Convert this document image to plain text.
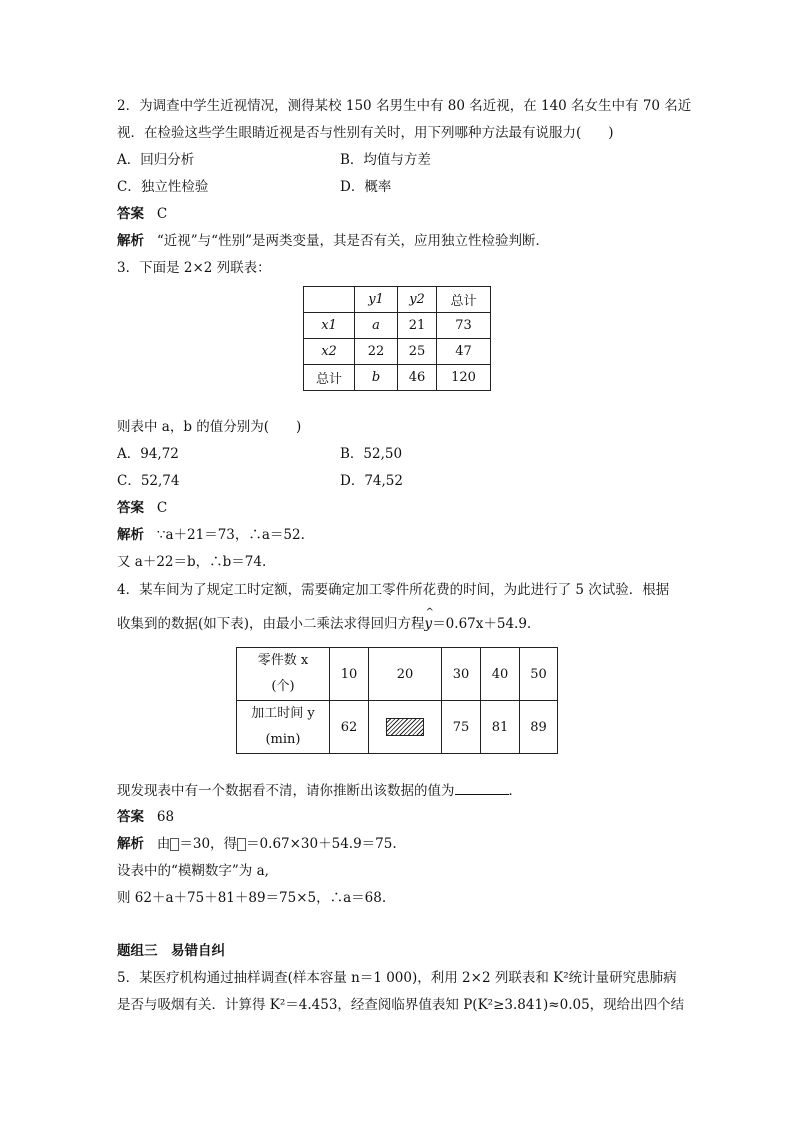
2．为调查中学生近视情况，测得某校 150 名男生中有 80 名近视，在 140 名女生中有 70 名近
视．在检验这些学生眼睛近视是否与性别有关时，用下列哪种方法最有说服力(　　)
A．回归分析	B．均值与方差
C．独立性检验	D．概率
答案 C
解析 “近视”与“性别”是两类变量，其是否有关，应用独立性检验判断．
3．下面是 2×2 列联表：
	y1	y2	总计
x1	a	21	73
x2	22	25	47
总计	b	46	120
则表中 a，b 的值分别为(　　)
A．94,72	B．52,50
C．52,74	D．74,52
答案 C
解析 ∵a＋21＝73，∴a＝52.
又 a＋22＝b，∴b＝74.
4．某车间为了规定工时定额，需要确定加工零件所花费的时间，为此进行了 5 次试验．根据
收集到的数据(如下表)，由最小二乘法求得回归方程^ y＝0.67x＋54.9.
零件数 x
(个)	10	20	30	40	50
加工时间 y
(min)	62		75	81	89
现发现表中有一个数据看不清，请你推断出该数据的值为	．
答案 68
解析 由 ＝30，得 ＝0.67×30＋54.9＝75.
设表中的“模糊数字”为 a,
则 62＋a＋75＋81＋89＝75×5，∴a＝68.
题组三　易错自纠
5．某医疗机构通过抽样调查(样本容量 n＝1 000)，利用 2×2 列联表和 K²统计量研究患肺病
是否与吸烟有关．计算得 K²＝4.453，经查阅临界值表知 P(K²≥3.841)≈0.05，现给出四个结
